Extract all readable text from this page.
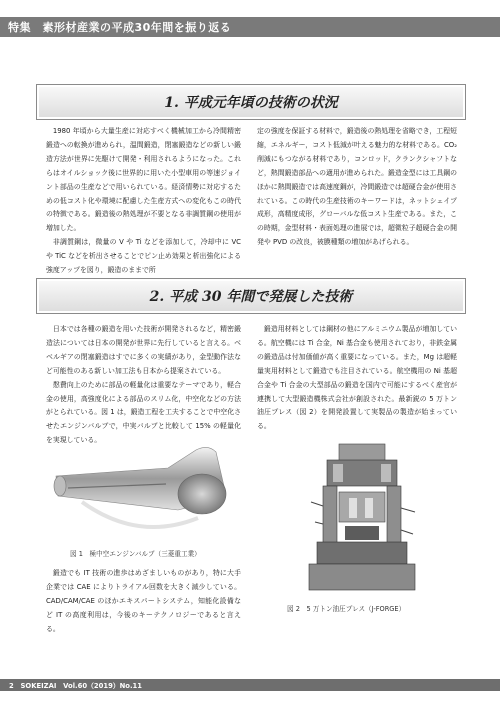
特集　素形材産業の平成30年間を振り返る
1. 平成元年頃の技術の状況

1980 年頃から大量生産に対応すべく機械加工から冷間精密鍛造への転換が進められ，温間鍛造，閉塞鍛造などの新しい鍛造方法が世界に先駆けて開発・利用されるようになった。これらはオイルショック後に世界的に用いた小型車用の等速ジョイント部品の生産などで用いられている。経済情勢に対応するための低コスト化や環境に配慮した生産方式への変化もこの時代の特徴である。鍛造後の熱処理が不要となる非調質鋼の使用が増加した。

非調質鋼は，微量の V や Ti などを添加して，冷却中に VC や TiC などを析出させることでピン止め効果と析出強化による強度アップを図り，鍛造のままで所

定の強度を保証する材料で，鍛造後の熱処理を省略でき，工程短縮，エネルギー，コスト低減が叶える魅力的な材料である。CO₂ 削減にもつながる材料であり，コンロッド，クランクシャフトなど，熱間鍛造部品への適用が進められた。鍛造金型には工具鋼のほかに熱間鍛造では高速度鋼が，冷間鍛造では超硬合金が使用されている。この時代の生産技術のキーワードは，ネットシェイプ成形，高精度成形，グローバルな低コスト生産である。また，この時期，金型材料・表面処理の進展では，超微粒子超硬合金の開発や PVD の改良，被膜種類の増加があげられる。

2. 平成 30 年間で発展した技術

日本では各種の鍛造を用いた技術が開発されるなど，精密鍛造法については日本の開発が世界に先行していると言える。ベベルギアの閉塞鍛造はすでに多くの実績があり，金型動作法など可能性のある新しい加工法も日本から提案されている。

慇費向上のために部品の軽量化は重要なテーマであり，軽合金の使用，高強度化による部品のスリム化，中空化などの方法がとられている。図 1 は，鍛造工程を工夫することで中空化させたエンジンバルブで，中実バルブと比較して 15% の軽量化を実現している。

鍛造用材料としては鋼材の他にアルミニウム製品が増加している。航空機には Ti 合金，Ni 基合金も使用されており，非鉄金属の鍛造品は付加価値が高く重要になっている。また，Mg は超軽量実用材料として鍛造でも注目されている。航空機用の Ni 基超合金や Ti 合金の大型部品の鍛造を国内で可能にするべく産官が連携して大型鍛造機株式会社が創設された。最新鋭の 5 万トン油圧プレス（図 2）を開発設置して実製品の製造が始まっている。

図 1　極中空エンジンバルブ（三菱重工業）

鍛造でも IT 技術の進歩はめざましいものがあり，特に大手企業では CAE によりトライアル回数を大きく減少している。CAD/CAM/CAE のほかエキスパートシステム，知能化設備など IT の高度利用は，今後のキーテクノロジーであると言える。

図 2　5 万トン油圧プレス（J-FORGE）
2　SOKEIZAI　Vol.60（2019）No.11
